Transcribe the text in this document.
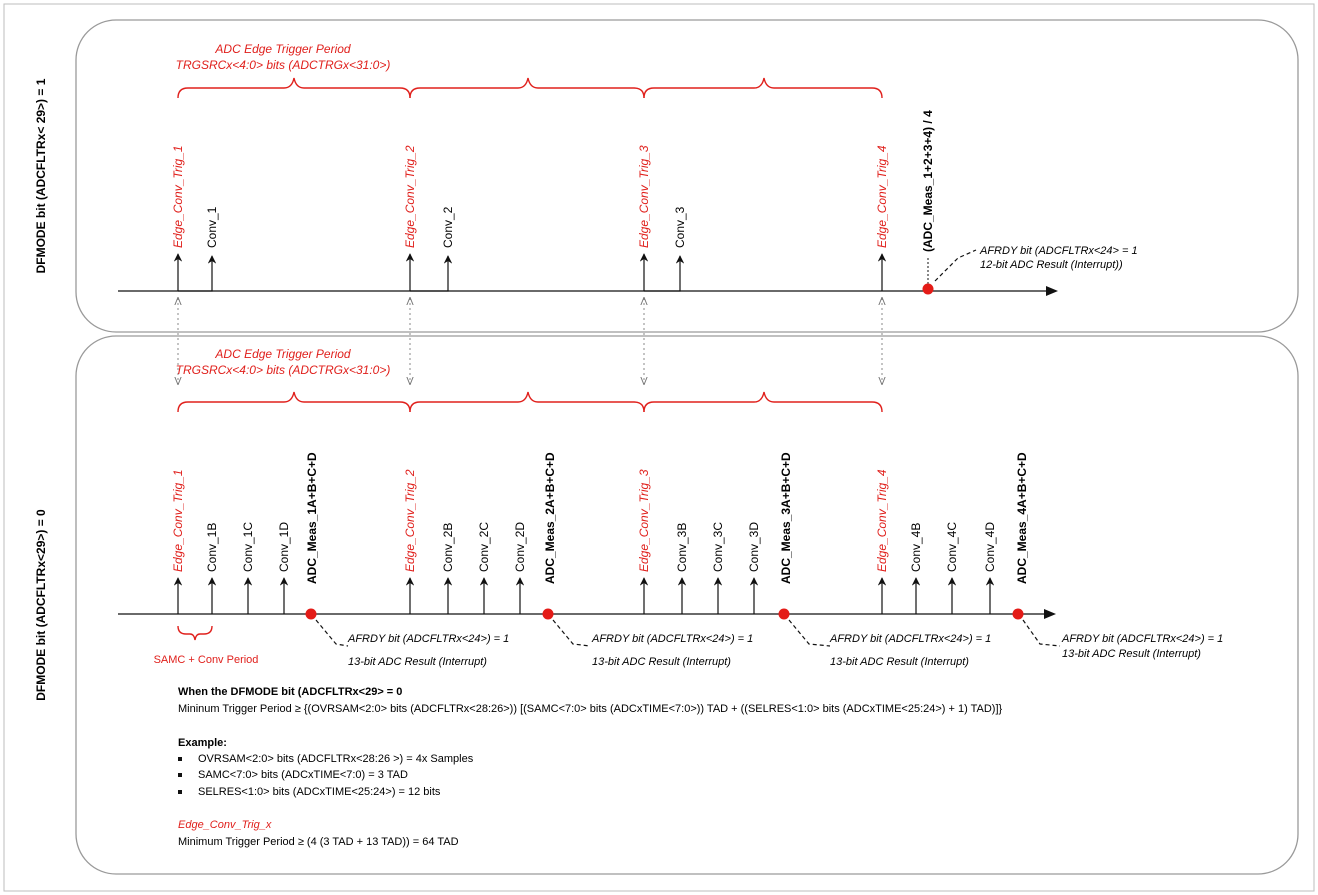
DFMODE bit (ADCFLTRx< 29>) = 1
DFMODE bit (ADCFLTRx<29>) = 0
ADC Edge Trigger Period
TRGSRCx<4:0> bits (ADCTRGx<31:0>)
Edge_Conv_Trig_1	Edge_Conv_Trig_2	Edge_Conv_Trig_3	Edge_Conv_Trig_4
Conv_1	Conv_2	Conv_3	(ADC_Meas_1+2+3+4) / 4	AFRDY bit (ADCFLTRx<24> = 1
12-bit ADC Result (Interrupt))
ADC Edge Trigger Period
TRGSRCx<4:0> bits (ADCTRGx<31:0>)
Edge_Conv_Trig_1	Edge_Conv_Trig_2	Edge_Conv_Trig_3	Edge_Conv_Trig_4
Conv_1B Conv_1C Conv_1D	Conv_2B Conv_2C Conv_2D	Conv_3B Conv_3C Conv_3D	Conv_4B Conv_4C Conv_4D
ADC_Meas_1A+B+C+D	ADC_Meas_2A+B+C+D	ADC_Meas_3A+B+C+D	ADC_Meas_4A+B+C+D
AFRDY bit (ADCFLTRx<24>) = 1
13-bit ADC Result (Interrupt)
AFRDY bit (ADCFLTRx<24>) = 1
13-bit ADC Result (Interrupt)
AFRDY bit (ADCFLTRx<24>) = 1
13-bit ADC Result (Interrupt)
AFRDY bit (ADCFLTRx<24>) = 1
13-bit ADC Result (Interrupt)
SAMC + Conv Period
When the DFMODE bit (ADCFLTRx<29> = 0
Mininum Trigger Period ≥ {(OVRSAM<2:0> bits (ADCFLTRx<28:26>)) [(SAMC<7:0> bits (ADCxTIME<7:0>)) TAD + ((SELRES<1:0> bits (ADCxTIME<25:24>) + 1) TAD)]}
Example:
OVRSAM<2:0> bits (ADCFLTRx<28:26 >) = 4x Samples
SAMC<7:0> bits (ADCxTIME<7:0) = 3 TAD
SELRES<1:0> bits (ADCxTIME<25:24>) = 12 bits
Edge_Conv_Trig_x
Minimum Trigger Period ≥ (4 (3 TAD + 13 TAD)) = 64 TAD
